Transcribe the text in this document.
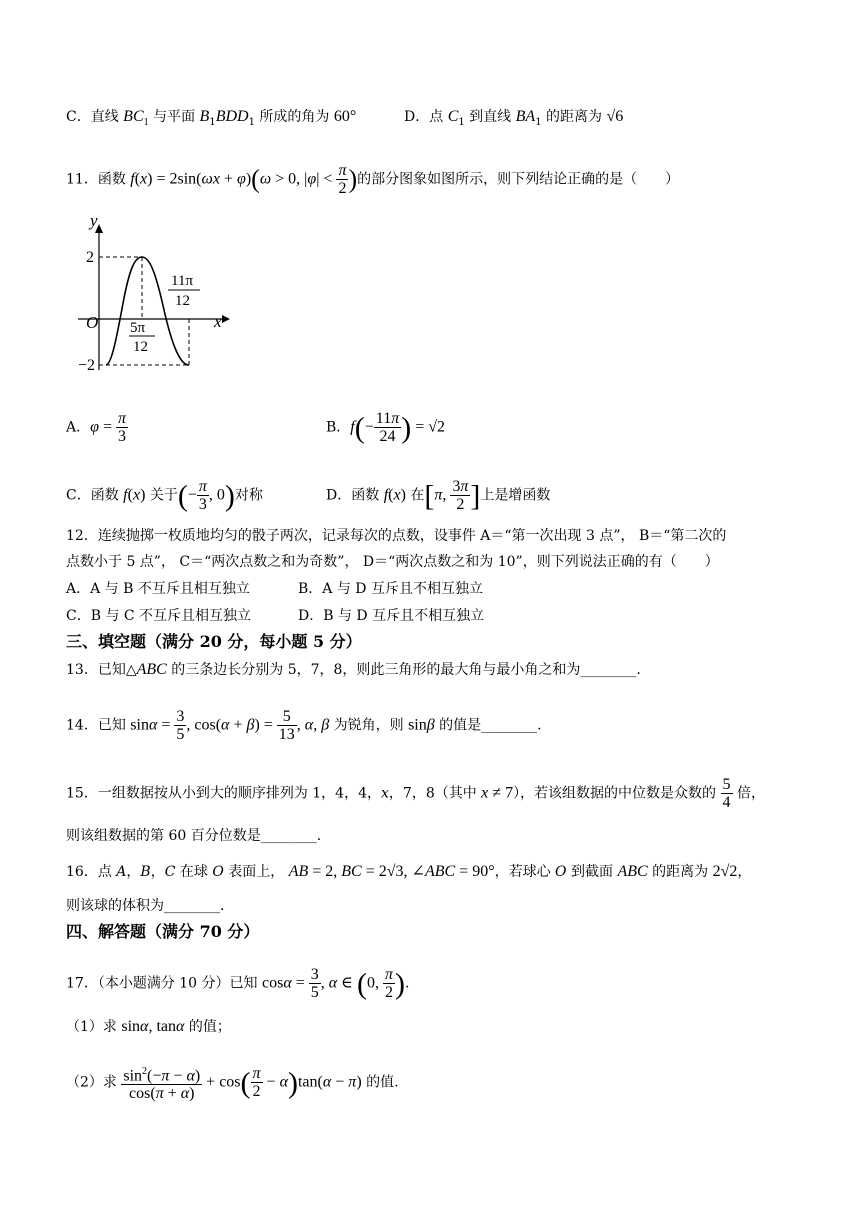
C．直线 $BC_1$ 与平面 $B_1BDD_1$ 所成的角为 60°	D．点 $C_1$ 到直线 $BA_1$ 的距离为 √6
11．函数 f(x) = 2sin(ωx + φ)(ω > 0, $|\varphi| < \frac{\pi}{2}$ )的部分图象如图所示，则下列结论正确的是（　　）
y
x
O
2
−2
5π
12
11π
12
A．$\varphi = \frac{\pi}{3}$	B．$f(- \frac{11\pi}{24}$ ) = √2
C．函数 f(x) 关于(− $\frac{\pi}{3}$ , 0)对称	D．函数 f(x) 在[π, $\frac{3\pi}{2}$ ]上是增函数
12．连续抛掷一枚质地均匀的骰子两次，记录每次的点数，设事件 A＝“第一次出现 3 点”， B＝“第二次的
点数小于 5 点”， C＝“两次点数之和为奇数”， D＝“两次点数之和为 10”，则下列说法正确的有（　　）
A．A 与 B 不互斥且相互独立	B．A 与 D 互斥且不相互独立
C．B 与 C 不互斥且相互独立	D．B 与 D 互斥且不相互独立
三、填空题（满分 20 分，每小题 5 分）
13．已知△ABC 的三条边长分别为 5，7，8，则此三角形的最大角与最小角之和为________.
14．已知 $\sin\alpha = \frac{3}{5}$ , $\cos(\alpha + \beta) = \frac{5}{13}$ , α, β 为锐角，则 sinβ 的值是________.
15．一组数据按从小到大的顺序排列为 1，4，4，x，7，8（其中 x ≠ 7），若该组数据的中位数是众数的 $\frac{5}{4}$ 倍，
则该组数据的第 60 百分位数是________.
16．点 A，B，C 在球 O 表面上， AB = 2, BC = 2√3, ∠ABC = 90°，若球心 O 到截面 ABC 的距离为 2√2，
则该球的体积为________.
四、解答题（满分 70 分）
17．（本小题满分 10 分）已知 $\cos\alpha = \frac{3}{5}$ , α ∈ (0, $\frac{\pi}{2}$ ).
（1）求 sinα, tanα 的值；
（2）求 $\frac{\sin^2(-\pi - \alpha)}{\cos(\pi + \alpha)} + \cos( \frac{\pi}{2} - \alpha)\tan(\alpha - \pi)$ 的值.
